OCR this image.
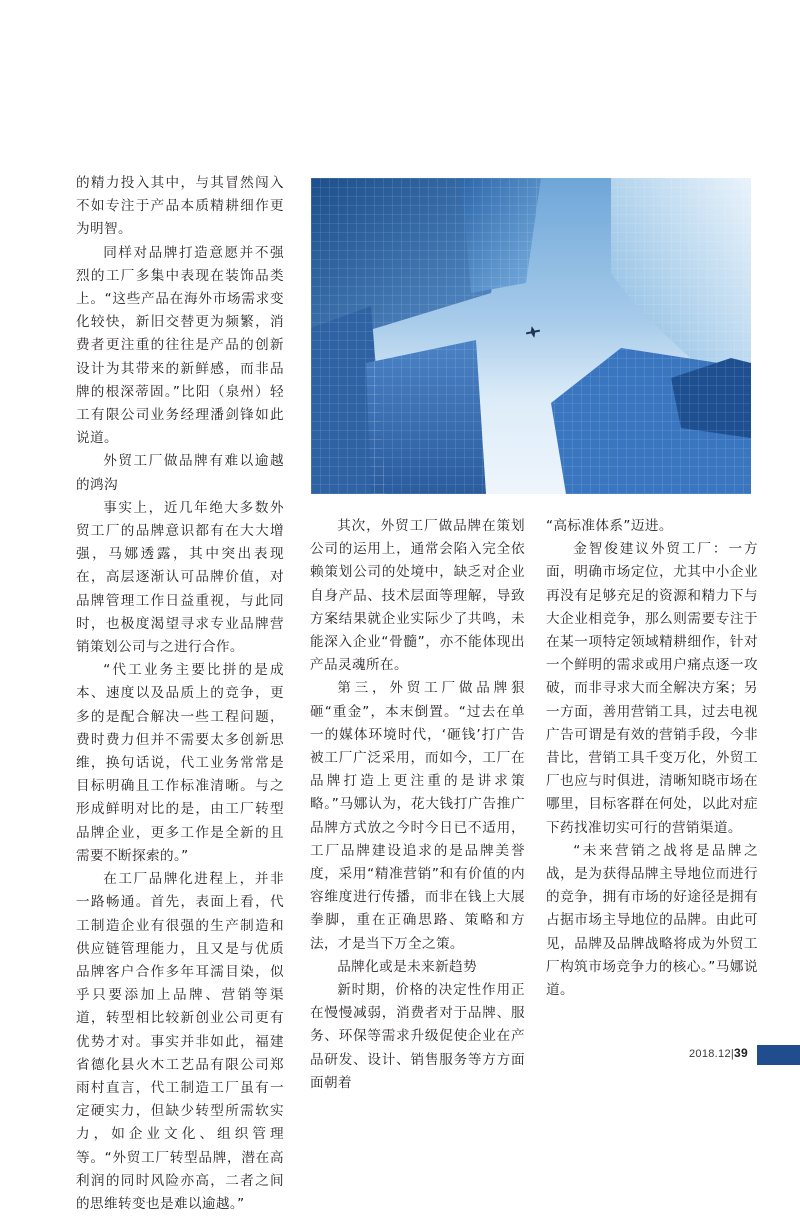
的精力投入其中，与其冒然闯入不如专注于产品本质精耕细作更为明智。

同样对品牌打造意愿并不强烈的工厂多集中表现在装饰品类上。“这些产品在海外市场需求变化较快，新旧交替更为频繁，消费者更注重的往往是产品的创新设计为其带来的新鲜感，而非品牌的根深蒂固。”比阳（泉州）轻工有限公司业务经理潘剑锋如此说道。

外贸工厂做品牌有难以逾越的鸿沟

事实上，近几年绝大多数外贸工厂的品牌意识都有在大大增强，马娜透露，其中突出表现在，高层逐渐认可品牌价值，对品牌管理工作日益重视，与此同时，也极度渴望寻求专业品牌营销策划公司与之进行合作。

“代工业务主要比拼的是成本、速度以及品质上的竞争，更多的是配合解决一些工程问题，费时费力但并不需要太多创新思维，换句话说，代工业务常常是目标明确且工作标准清晰。与之形成鲜明对比的是，由工厂转型品牌企业，更多工作是全新的且需要不断探索的。”

在工厂品牌化进程上，并非一路畅通。首先，表面上看，代工制造企业有很强的生产制造和供应链管理能力，且又是与优质品牌客户合作多年耳濡目染，似乎只要添加上品牌、营销等渠道，转型相比较新创业公司更有优势才对。事实并非如此，福建省德化县火木工艺品有限公司郑雨村直言，代工制造工厂虽有一定硬实力，但缺少转型所需软实力，如企业文化、组织管理等。“外贸工厂转型品牌，潜在高利润的同时风险亦高，二者之间的思维转变也是难以逾越。”

其次，外贸工厂做品牌在策划公司的运用上，通常会陷入完全依赖策划公司的处境中，缺乏对企业自身产品、技术层面等理解，导致方案结果就企业实际少了共鸣，未能深入企业“骨髓”，亦不能体现出产品灵魂所在。

第三，外贸工厂做品牌狠砸“重金”，本末倒置。“过去在单一的媒体环境时代，‘砸钱’打广告被工厂广泛采用，而如今，工厂在品牌打造上更注重的是讲求策略。”马娜认为，花大钱打广告推广品牌方式放之今时今日已不适用，工厂品牌建设追求的是品牌美誉度，采用“精准营销”和有价值的内容维度进行传播，而非在钱上大展拳脚，重在正确思路、策略和方法，才是当下万全之策。

品牌化或是未来新趋势

新时期，价格的决定性作用正在慢慢减弱，消费者对于品牌、服务、环保等需求升级促使企业在产品研发、设计、销售服务等方方面面朝着

“高标准体系”迈进。

金智俊建议外贸工厂：一方面，明确市场定位，尤其中小企业再没有足够充足的资源和精力下与大企业相竞争，那么则需要专注于在某一项特定领域精耕细作，针对一个鲜明的需求或用户痛点逐一攻破，而非寻求大而全解决方案；另一方面，善用营销工具，过去电视广告可谓是有效的营销手段，今非昔比，营销工具千变万化，外贸工厂也应与时俱进，清晰知晓市场在哪里，目标客群在何处，以此对症下药找准切实可行的营销渠道。

“未来营销之战将是品牌之战，是为获得品牌主导地位而进行的竞争，拥有市场的好途径是拥有占据市场主导地位的品牌。由此可见，品牌及品牌战略将成为外贸工厂构筑市场竞争力的核心。”马娜说道。

2018.12|39
